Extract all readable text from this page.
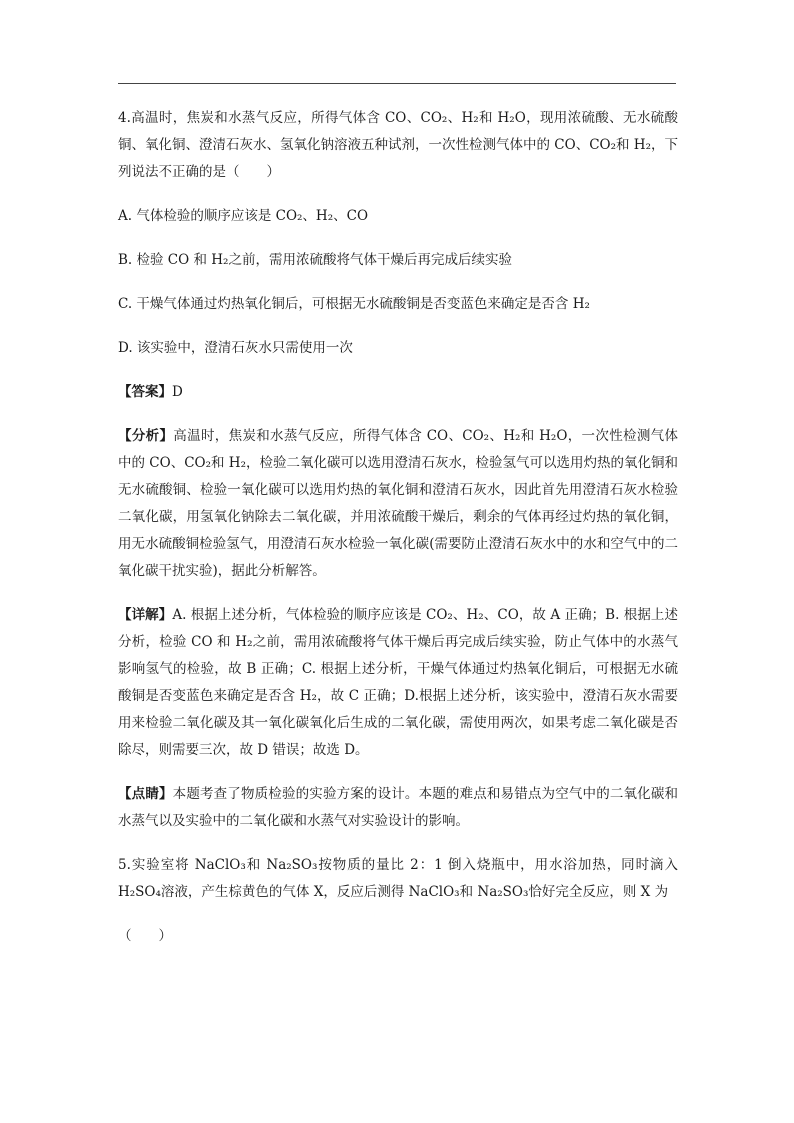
4.高温时，焦炭和水蒸气反应，所得气体含 CO、CO₂、H₂和 H₂O，现用浓硫酸、无水硫酸铜、氧化铜、澄清石灰水、氢氧化钠溶液五种试剂，一次性检测气体中的 CO、CO₂和 H₂，下列说法不正确的是（　　）

A. 气体检验的顺序应该是 CO₂、H₂、CO

B. 检验 CO 和 H₂之前，需用浓硫酸将气体干燥后再完成后续实验

C. 干燥气体通过灼热氧化铜后，可根据无水硫酸铜是否变蓝色来确定是否含 H₂

D. 该实验中，澄清石灰水只需使用一次

【答案】D

【分析】高温时，焦炭和水蒸气反应，所得气体含 CO、CO₂、H₂和 H₂O，一次性检测气体中的 CO、CO₂和 H₂，检验二氧化碳可以选用澄清石灰水，检验氢气可以选用灼热的氧化铜和无水硫酸铜、检验一氧化碳可以选用灼热的氧化铜和澄清石灰水，因此首先用澄清石灰水检验二氧化碳，用氢氧化钠除去二氧化碳，并用浓硫酸干燥后，剩余的气体再经过灼热的氧化铜，用无水硫酸铜检验氢气，用澄清石灰水检验一氧化碳(需要防止澄清石灰水中的水和空气中的二氧化碳干扰实验)，据此分析解答。

【详解】A. 根据上述分析，气体检验的顺序应该是 CO₂、H₂、CO，故 A 正确；B. 根据上述分析，检验 CO 和 H₂之前，需用浓硫酸将气体干燥后再完成后续实验，防止气体中的水蒸气影响氢气的检验，故 B 正确；C. 根据上述分析，干燥气体通过灼热氧化铜后，可根据无水硫酸铜是否变蓝色来确定是否含 H₂，故 C 正确；D.根据上述分析，该实验中，澄清石灰水需要用来检验二氧化碳及其一氧化碳氧化后生成的二氧化碳，需使用两次，如果考虑二氧化碳是否除尽，则需要三次，故 D 错误；故选 D。

【点睛】本题考查了物质检验的实验方案的设计。本题的难点和易错点为空气中的二氧化碳和水蒸气以及实验中的二氧化碳和水蒸气对实验设计的影响。

5.实验室将 NaClO₃和 Na₂SO₃按物质的量比 2：1 倒入烧瓶中，用水浴加热，同时滴入 H₂SO₄溶液，产生棕黄色的气体 X，反应后测得 NaClO₃和 Na₂SO₃恰好完全反应，则 X 为

（　　）
